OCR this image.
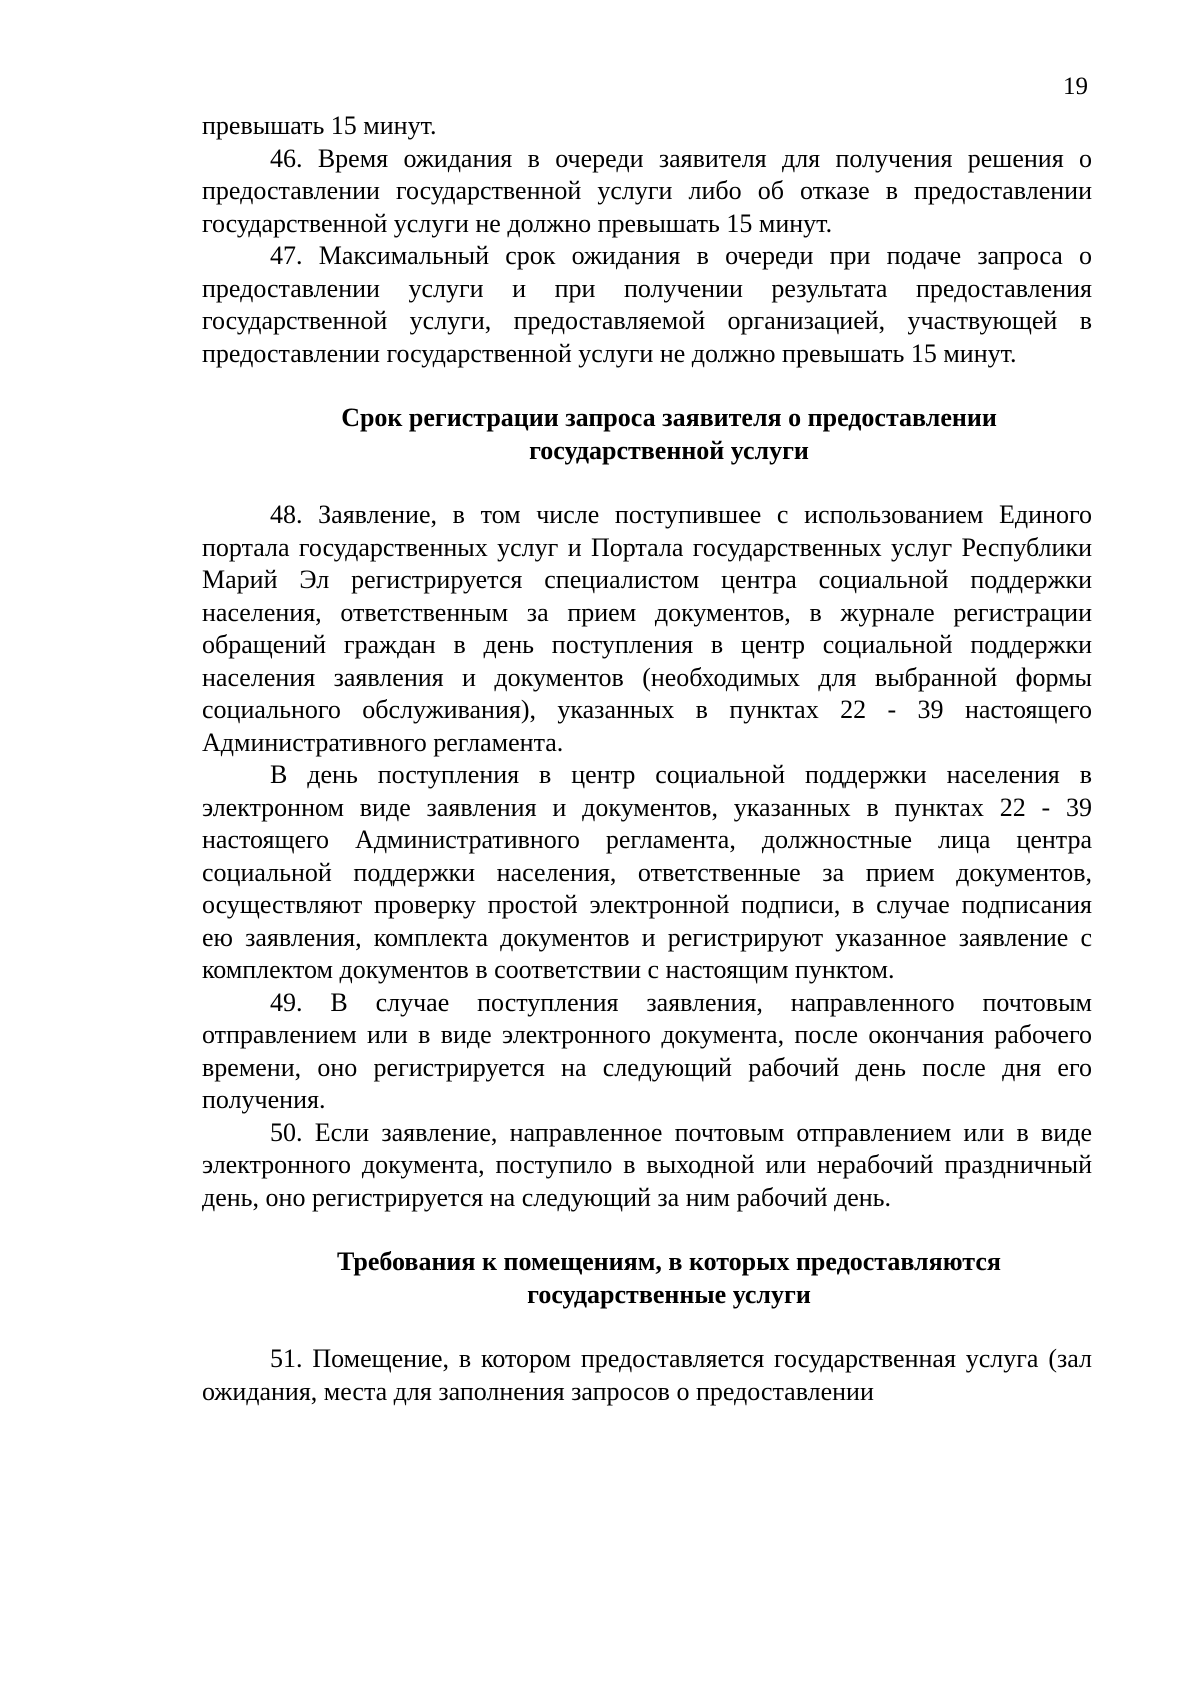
19

превышать 15 минут.

46. Время ожидания в очереди заявителя для получения решения о предоставлении государственной услуги либо об отказе в предоставлении государственной услуги не должно превышать 15 минут.

47. Максимальный срок ожидания в очереди при подаче запроса о предоставлении услуги и при получении результата предоставления государственной услуги, предоставляемой организацией, участвующей в предоставлении государственной услуги не должно превышать 15 минут.

Срок регистрации запроса заявителя о предоставлении
государственной услуги

48. Заявление, в том числе поступившее с использованием Единого портала государственных услуг и Портала государственных услуг Республики Марий Эл регистрируется специалистом центра социальной поддержки населения, ответственным за прием документов, в журнале регистрации обращений граждан в день поступления в центр социальной поддержки населения заявления и документов (необходимых для выбранной формы социального обслуживания), указанных в пунктах 22 - 39 настоящего Административного регламента.

В день поступления в центр социальной поддержки населения в электронном виде заявления и документов, указанных в пунктах 22 - 39 настоящего Административного регламента, должностные лица центра социальной поддержки населения, ответственные за прием документов, осуществляют проверку простой электронной подписи, в случае подписания ею заявления, комплекта документов и регистрируют указанное заявление с комплектом документов в соответствии с настоящим пунктом.

49. В случае поступления заявления, направленного почтовым отправлением или в виде электронного документа, после окончания рабочего времени, оно регистрируется на следующий рабочий день после дня его получения.

50. Если заявление, направленное почтовым отправлением или в виде электронного документа, поступило в выходной или нерабочий праздничный день, оно регистрируется на следующий за ним рабочий день.

Требования к помещениям, в которых предоставляются
государственные услуги

51. Помещение, в котором предоставляется государственная услуга (зал ожидания, места для заполнения запросов о предоставлении
